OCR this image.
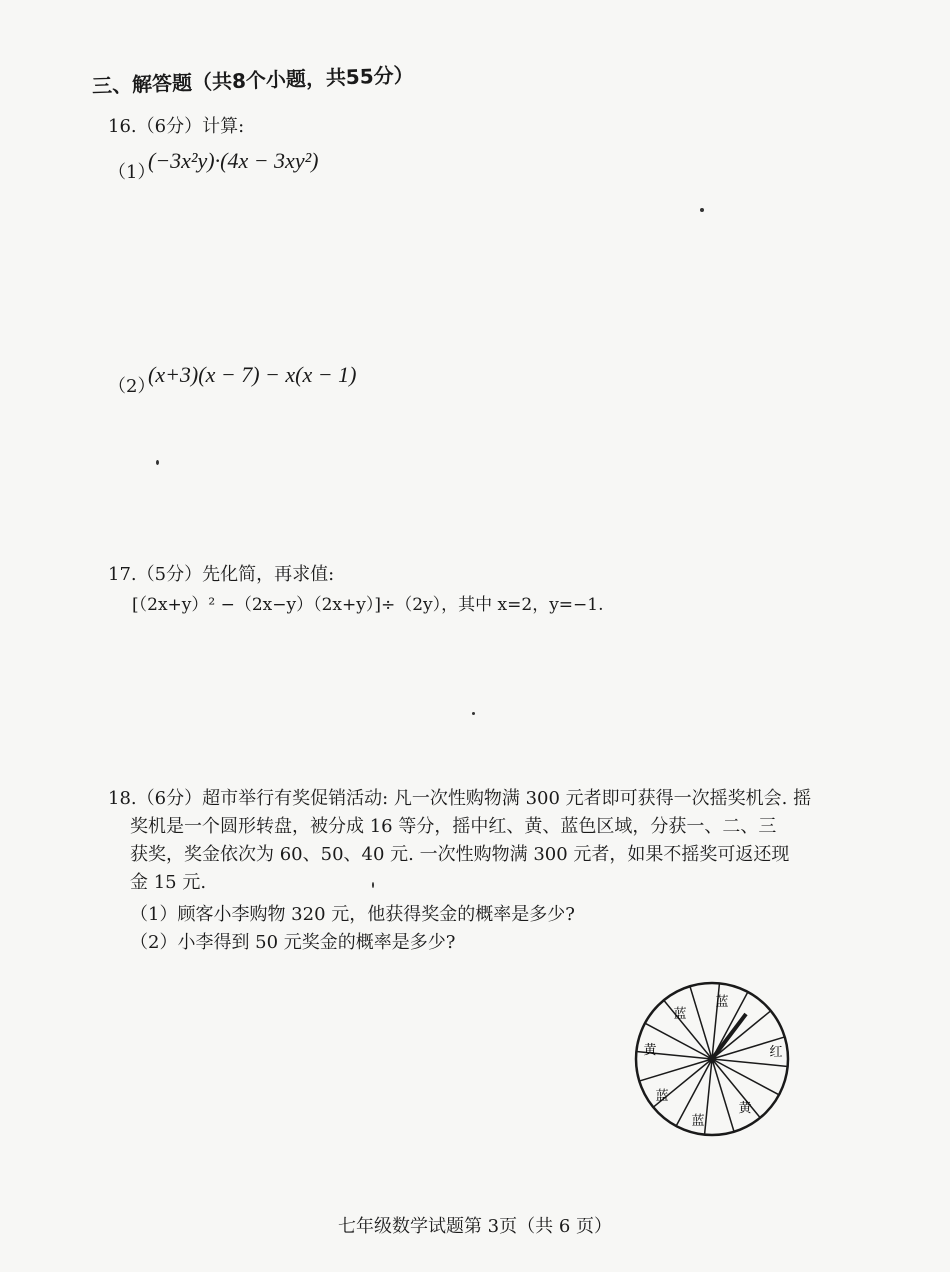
三、解答题（共8个小题，共55分）
16.（6分）计算:
（1）
(−3x²y)·(4x − 3xy²)
（2）
(x+3)(x − 7) − x(x − 1)
17.（5分）先化简，再求值:
[（2x+y）² −（2x−y）（2x+y）]÷（2y），其中 x=2，y=−1.
18.（6分）超市举行有奖促销活动: 凡一次性购物满 300 元者即可获得一次摇奖机会. 摇
奖机是一个圆形转盘，被分成 16 等分，摇中红、黄、蓝色区域，分获一、二、三
获奖，奖金依次为 60、50、40 元. 一次性购物满 300 元者，如果不摇奖可返还现
金 15 元.
（1）顾客小李购物 320 元，他获得奖金的概率是多少?
（2）小李得到 50 元奖金的概率是多少?
蓝
蓝
红
黄
蓝
蓝
黄
七年级数学试题第 3页（共 6 页）
